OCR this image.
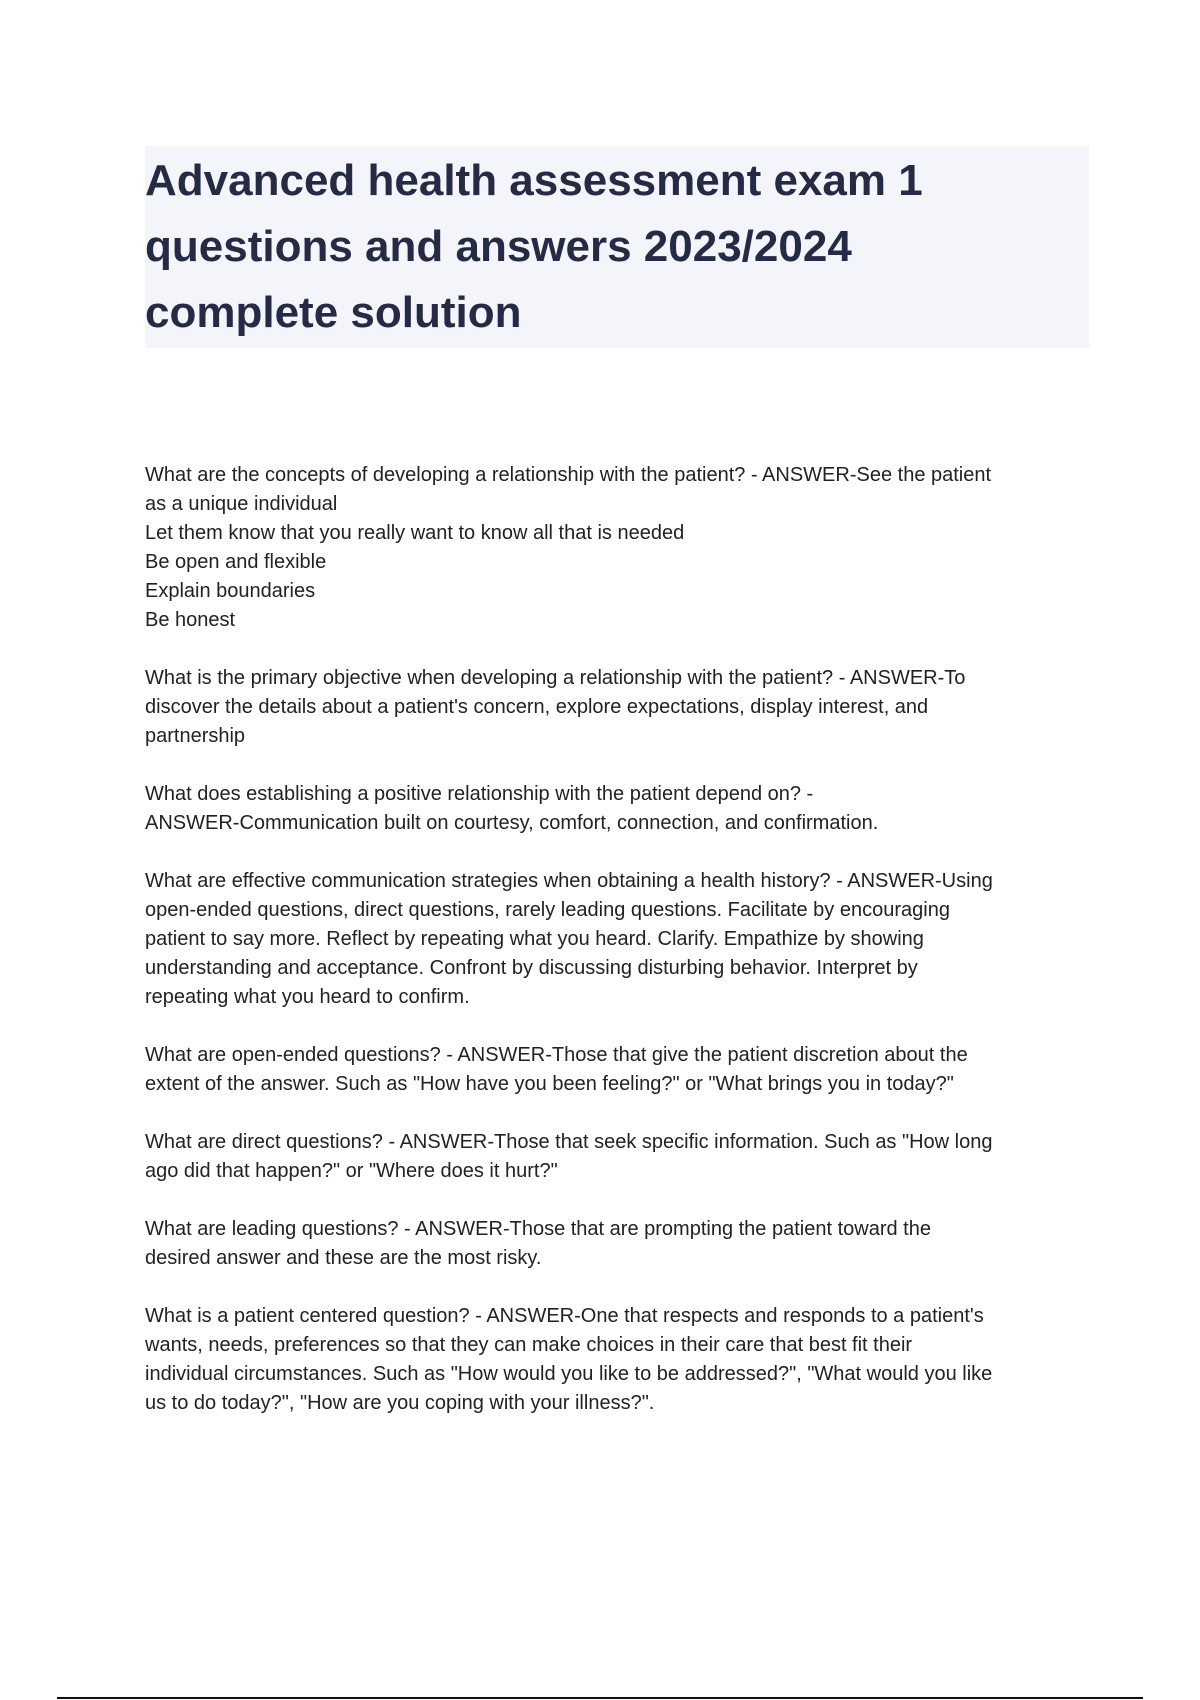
Advanced health assessment exam 1
questions and answers 2023/2024
complete solution
What are the concepts of developing a relationship with the patient? - ANSWER-See the patient
as a unique individual
Let them know that you really want to know all that is needed
Be open and flexible
Explain boundaries
Be honest
What is the primary objective when developing a relationship with the patient? - ANSWER-To
discover the details about a patient's concern, explore expectations, display interest, and
partnership
What does establishing a positive relationship with the patient depend on? -
ANSWER-Communication built on courtesy, comfort, connection, and confirmation.
What are effective communication strategies when obtaining a health history? - ANSWER-Using
open-ended questions, direct questions, rarely leading questions. Facilitate by encouraging
patient to say more. Reflect by repeating what you heard. Clarify. Empathize by showing
understanding and acceptance. Confront by discussing disturbing behavior. Interpret by
repeating what you heard to confirm.
What are open-ended questions? - ANSWER-Those that give the patient discretion about the
extent of the answer. Such as "How have you been feeling?" or "What brings you in today?"
What are direct questions? - ANSWER-Those that seek specific information. Such as "How long
ago did that happen?" or "Where does it hurt?"
What are leading questions? - ANSWER-Those that are prompting the patient toward the
desired answer and these are the most risky.
What is a patient centered question? - ANSWER-One that respects and responds to a patient's
wants, needs, preferences so that they can make choices in their care that best fit their
individual circumstances. Such as "How would you like to be addressed?", "What would you like
us to do today?", "How are you coping with your illness?".
